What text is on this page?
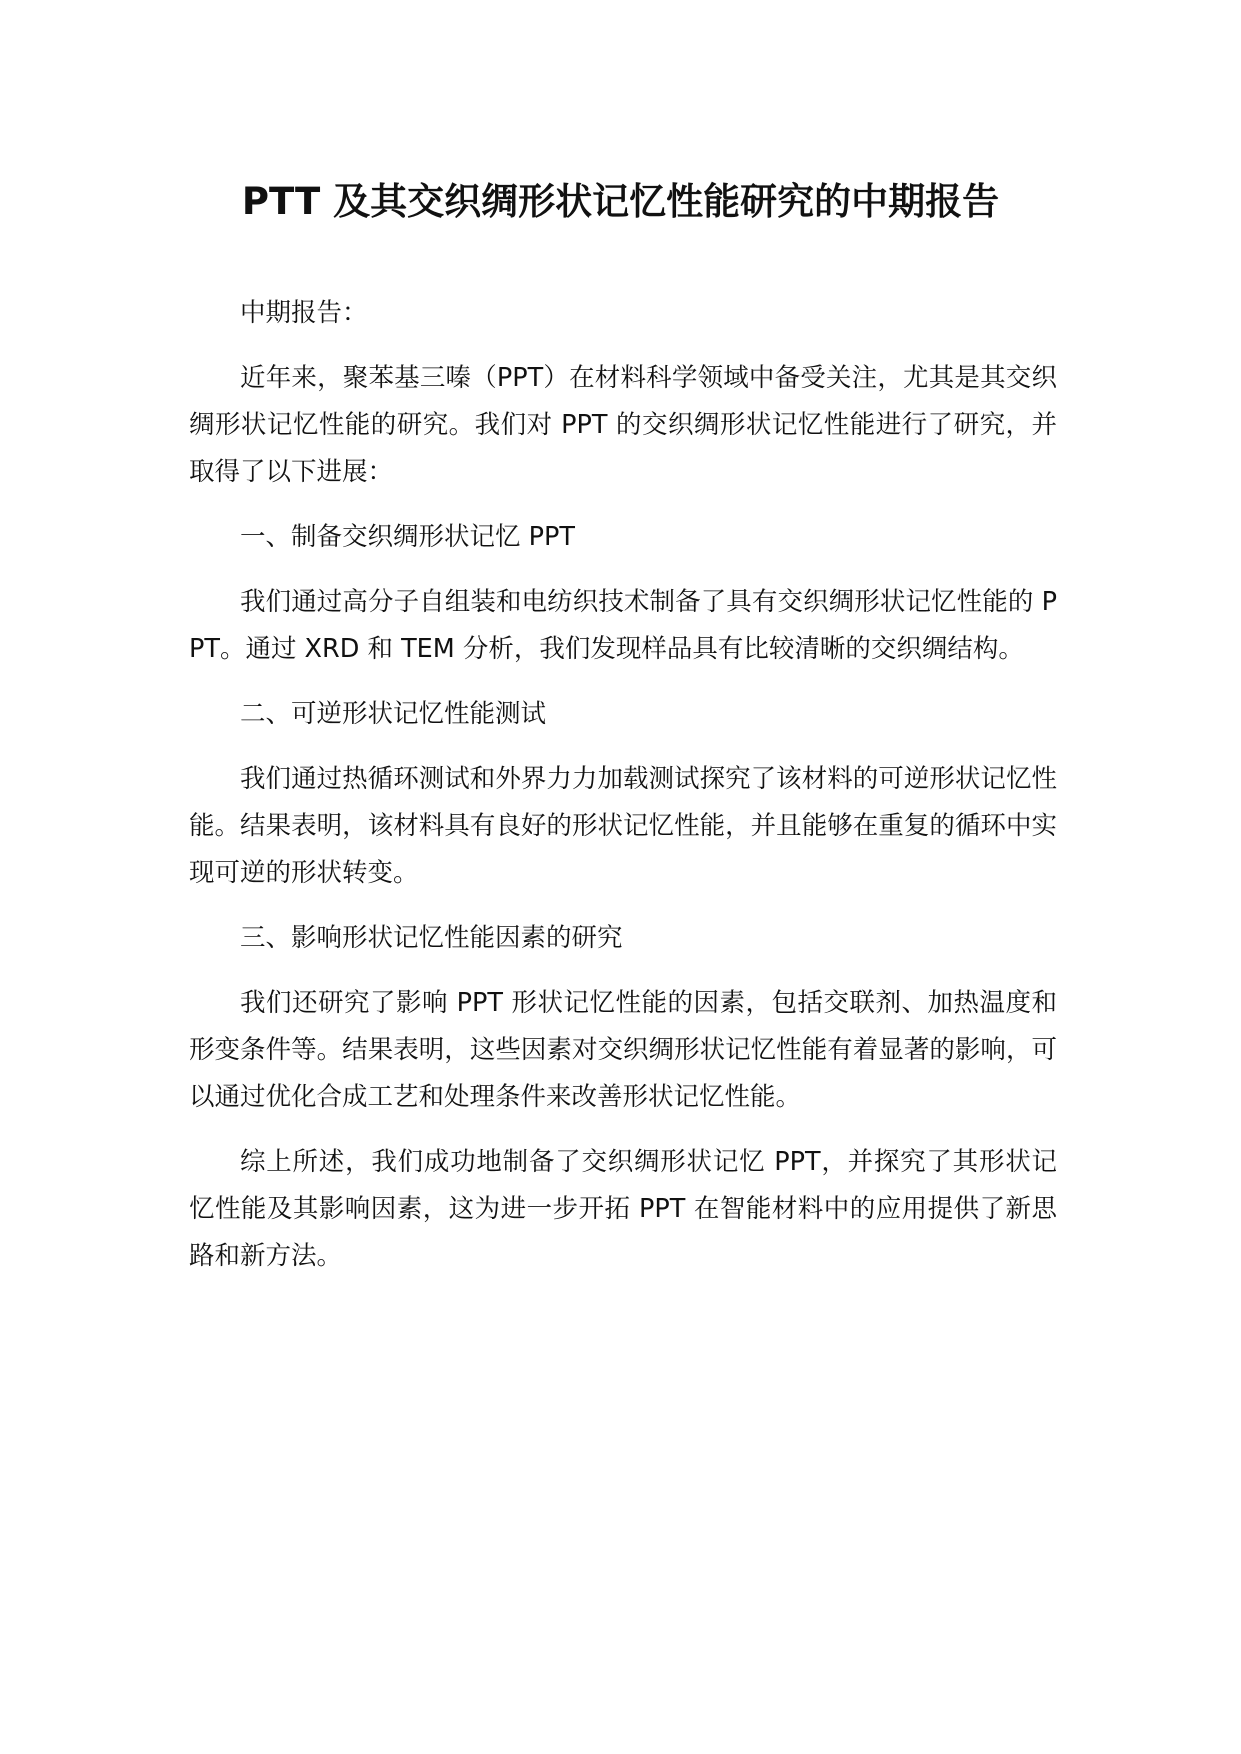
PTT 及其交织绸形状记忆性能研究的中期报告

中期报告：

近年来，聚苯基三嗪（PPT）在材料科学领域中备受关注，尤其是其交织绸形状记忆性能的研究。我们对 PPT 的交织绸形状记忆性能进行了研究，并取得了以下进展：

一、制备交织绸形状记忆 PPT

我们通过高分子自组装和电纺织技术制备了具有交织绸形状记忆性能的 PPT。通过 XRD 和 TEM 分析，我们发现样品具有比较清晰的交织绸结构。

二、可逆形状记忆性能测试

我们通过热循环测试和外界力力加载测试探究了该材料的可逆形状记忆性能。结果表明，该材料具有良好的形状记忆性能，并且能够在重复的循环中实现可逆的形状转变。

三、影响形状记忆性能因素的研究

我们还研究了影响 PPT 形状记忆性能的因素，包括交联剂、加热温度和形变条件等。结果表明，这些因素对交织绸形状记忆性能有着显著的影响，可以通过优化合成工艺和处理条件来改善形状记忆性能。

综上所述，我们成功地制备了交织绸形状记忆 PPT，并探究了其形状记忆性能及其影响因素，这为进一步开拓 PPT 在智能材料中的应用提供了新思路和新方法。
